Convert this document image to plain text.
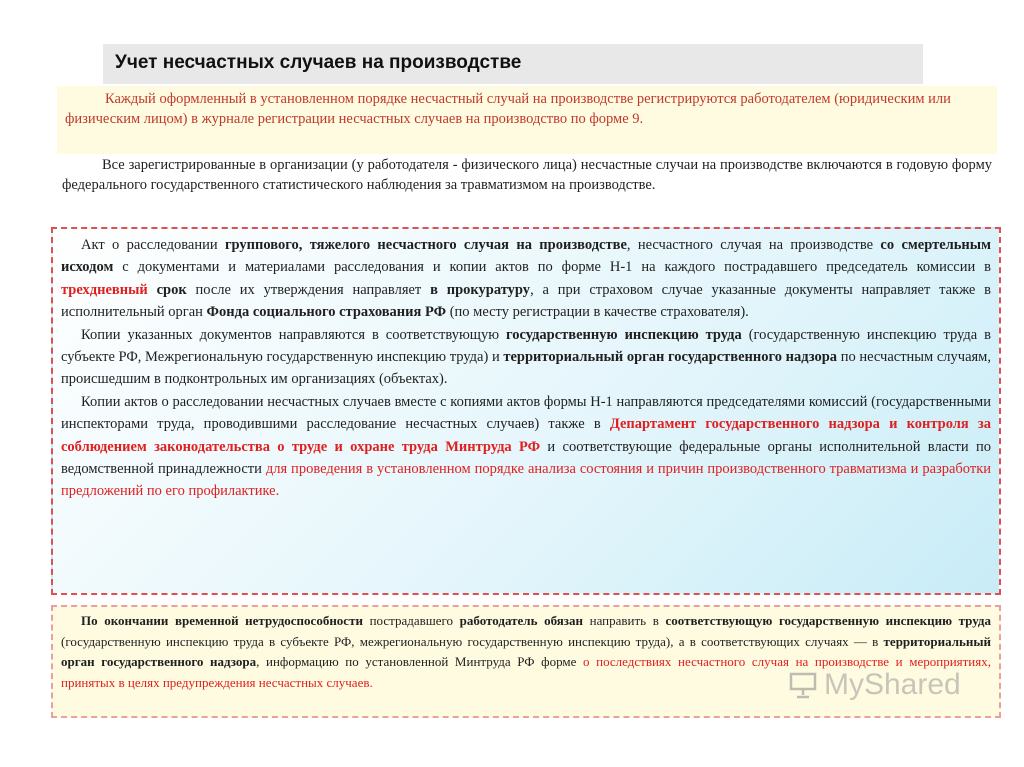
Учет несчастных случаев на производстве
Каждый оформленный в установленном порядке несчастный случай на производстве регистрируются работодателем (юридическим или физическим лицом) в журнале регистрации несчастных случаев на производство по форме 9.
Все зарегистрированные в организации (у работодателя - физического лица) несчастные случаи на производстве включаются в годовую форму федерального государственного статистического наблюдения за травматизмом на производстве.

Акт о расследовании группового, тяжелого несчастного случая на производстве, несчастного случая на производстве со смертельным исходом с документами и материалами расследования и копии актов по форме Н-1 на каждого пострадавшего председатель комиссии в трехдневный срок после их утверждения направляет в прокуратуру, а при страховом случае указанные документы направляет также в исполнительный орган Фонда социального страхования РФ (по месту регистрации в качестве страхователя).

Копии указанных документов направляются в соответствующую государственную инспекцию труда (государственную инспекцию труда в субъекте РФ, Межрегиональную государственную инспекцию труда) и территориальный орган государственного надзора по несчастным случаям, происшедшим в подконтрольных им организациях (объектах).

Копии актов о расследовании несчастных случаев вместе с копиями актов формы Н-1 направляются председателями комиссий (государственными инспекторами труда, проводившими расследование несчастных случаев) также в Департамент государственного надзора и контроля за соблюдением законодательства о труде и охране труда Минтруда РФ и соответствующие федеральные органы исполнительной власти по ведомственной принадлежности для проведения в установленном порядке анализа состояния и причин производственного травматизма и разработки предложений по его профилактике.

По окончании временной нетрудоспособности пострадавшего работодатель обязан направить в соответствующую государственную инспекцию труда (государственную инспекцию труда в субъекте РФ, межрегиональную государственную инспекцию труда), а в соответствующих случаях — в территориальный орган государственного надзора, информацию по установленной Минтруда РФ форме о последствиях несчастного случая на производстве и мероприятиях, принятых в целях предупреждения несчастных случаев.	MyShared
